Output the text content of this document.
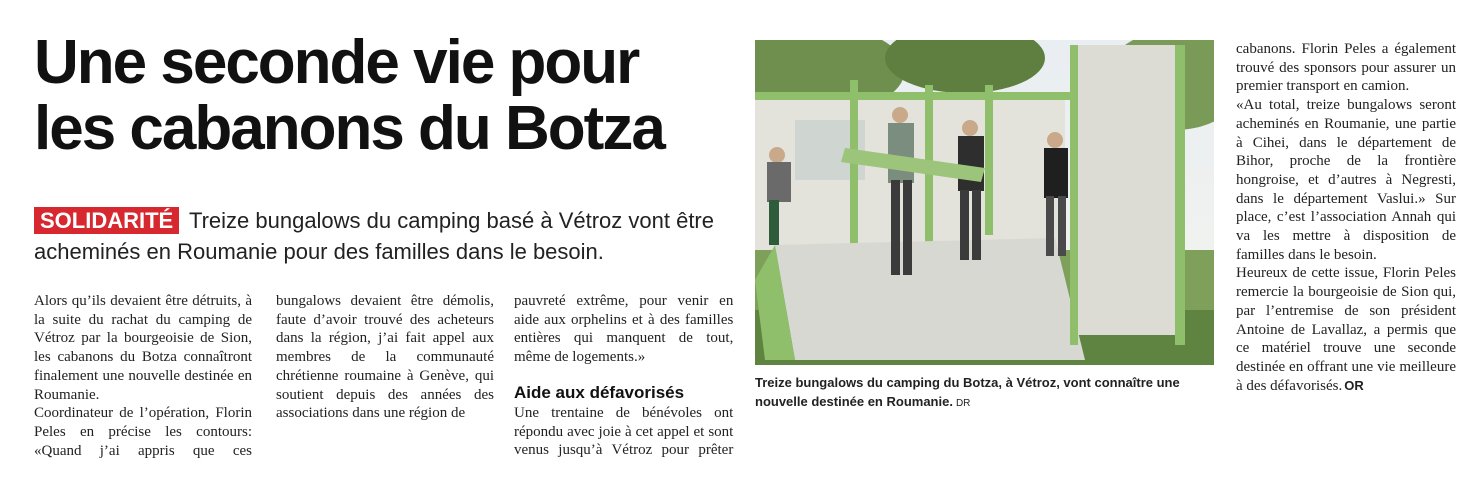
Une seconde vie pour
les cabanons du Botza

SOLIDARITÉ Treize bungalows du camping basé à Vétroz vont être acheminés en Roumanie pour des familles dans le besoin.

Alors qu’ils devaient être détruits, à la suite du rachat du camping de Vétroz par la bourgeoisie de Sion, les cabanons du Botza connaîtront finalement une nouvelle destinée en Roumanie.

Coordinateur de l’opération, Florin Peles en précise les contours: «Quand j’ai appris que ces bungalows devaient être démolis, faute d’avoir trouvé des acheteurs dans la région, j’ai fait appel aux membres de la communauté chrétienne roumaine à Genève, qui soutient depuis des années des associations dans une région de

pauvreté extrême, pour venir en aide aux orphelins et à des familles entières qui manquent de tout, même de logements.»

Aide aux défavorisés

Une trentaine de bénévoles ont répondu avec joie à cet appel et sont venus jusqu’à Vétroz pour prêter

Treize bungalows du camping du Botza, à Vétroz, vont connaître une nouvelle destinée en Roumanie. DR

cabanons. Florin Peles a également trouvé des sponsors pour assurer un premier transport en camion.

«Au total, treize bungalows seront acheminés en Roumanie, une partie à Cihei, dans le département de Bihor, proche de la frontière hongroise, et d’autres à Negresti, dans le département Vaslui.» Sur place, c’est l’association Annah qui va les mettre à disposition de familles dans le besoin.

Heureux de cette issue, Florin Peles remercie la bourgeoisie de Sion qui, par l’entremise de son président Antoine de Lavallaz, a permis que ce matériel trouve une seconde destinée en offrant une vie meilleure à des défavorisés. OR
